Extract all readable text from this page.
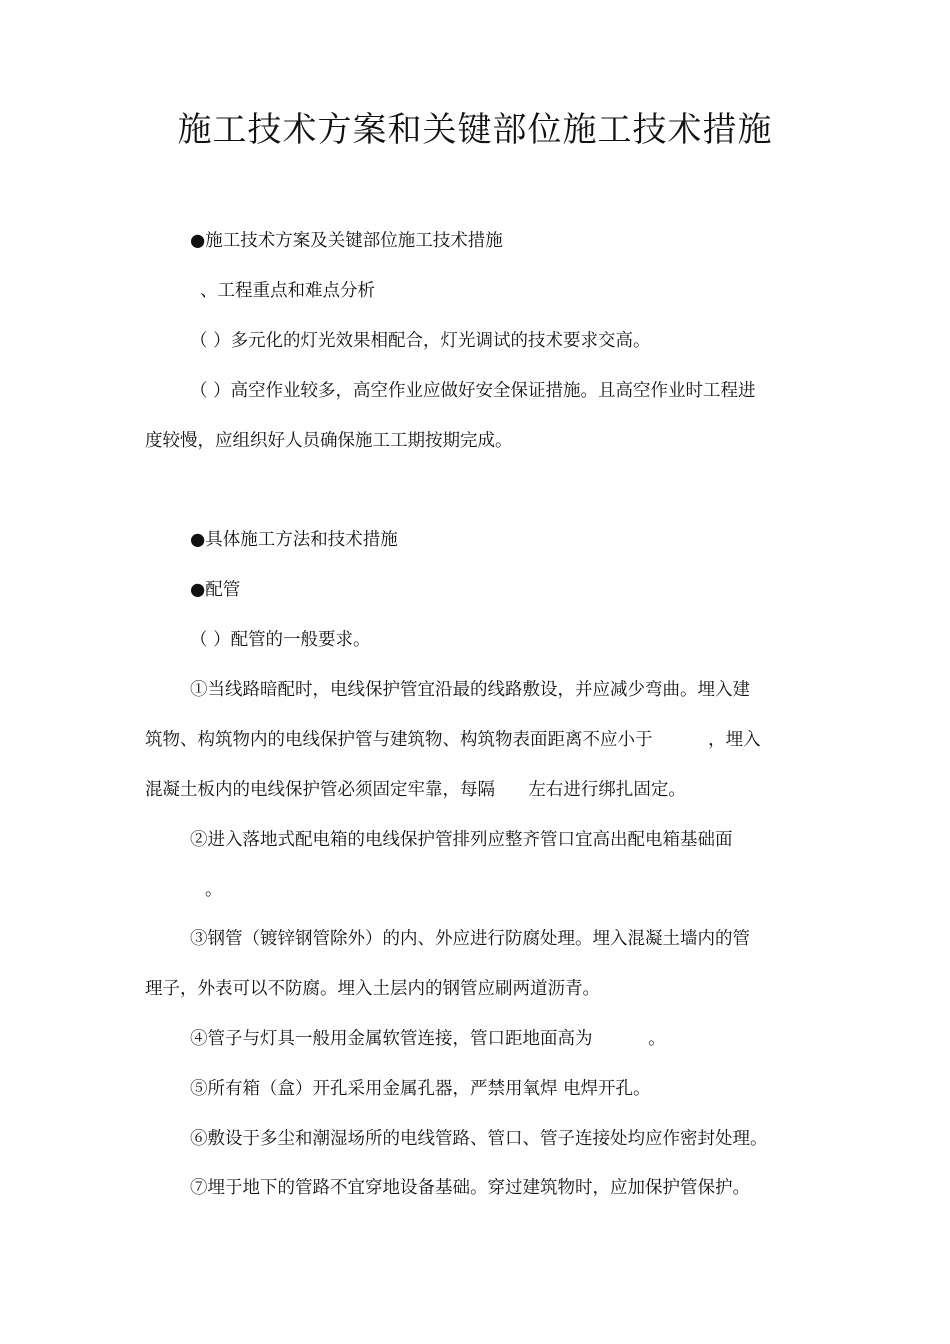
施工技术方案和关键部位施工技术措施
●施工技术方案及关键部位施工技术措施
、工程重点和难点分析
（ ）多元化的灯光效果相配合，灯光调试的技术要求交高。
（ ）高空作业较多，高空作业应做好安全保证措施。且高空作业时工程进
度较慢，应组织好人员确保施工工期按期完成。
●具体施工方法和技术措施
●配管
（ ）配管的一般要求。
①当线路暗配时，电线保护管宜沿最的线路敷设，并应减少弯曲。埋入建
筑物、构筑物内的电线保护管与建筑物、构筑物表面距离不应小于          ，埋入
混凝土板内的电线保护管必须固定牢靠，每隔      左右进行绑扎固定。
②进入落地式配电箱的电线保护管排列应整齐管口宜高出配电箱基础面
。
③钢管（镀锌钢管除外）的内、外应进行防腐处理。埋入混凝土墙内的管
理子，外表可以不防腐。埋入土层内的钢管应刷两道沥青。
④管子与灯具一般用金属软管连接，管口距地面高为          。
⑤所有箱（盒）开孔采用金属孔器，严禁用氧焊 电焊开孔。
⑥敷设于多尘和潮湿场所的电线管路、管口、管子连接处均应作密封处理。
⑦埋于地下的管路不宜穿地设备基础。穿过建筑物时，应加保护管保护。
